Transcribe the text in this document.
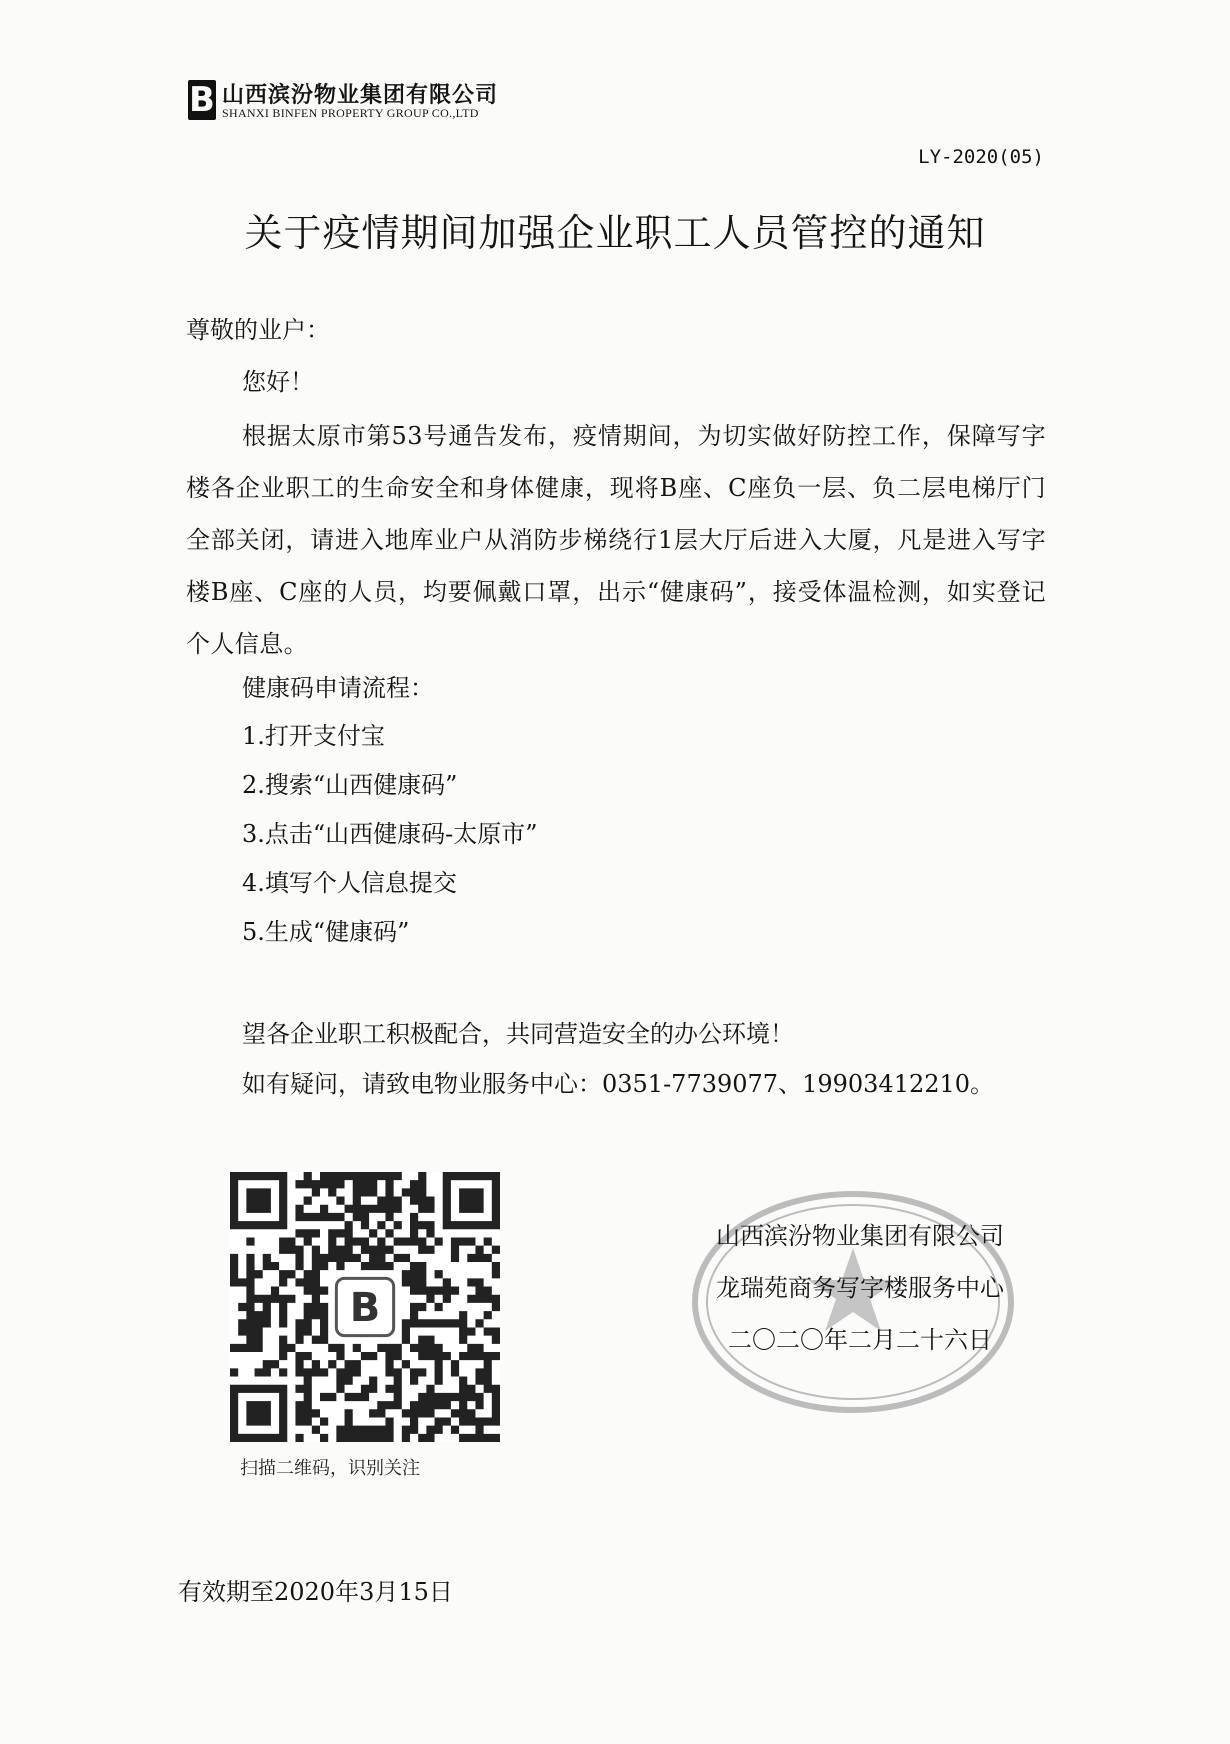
B 山西滨汾物业集团有限公司
SHANXI BINFEN PROPERTY GROUP CO.,LTD
LY-2020(05)
关于疫情期间加强企业职工人员管控的通知
尊敬的业户：
您好！
根据太原市第53号通告发布，疫情期间，为切实做好防控工作，保障写字楼各企业职工的生命安全和身体健康，现将B座、C座负一层、负二层电梯厅门全部关闭，请进入地库业户从消防步梯绕行1层大厅后进入大厦，凡是进入写字楼B座、C座的人员，均要佩戴口罩，出示“健康码”，接受体温检测，如实登记个人信息。
健康码申请流程：
1.打开支付宝
2.搜索“山西健康码”
3.点击“山西健康码-太原市”
4.填写个人信息提交
5.生成“健康码”
望各企业职工积极配合，共同营造安全的办公环境！
如有疑问，请致电物业服务中心：0351-7739077、19903412210。
B
扫描二维码，识别关注
山西滨汾物业集团有限公司
龙瑞苑商务写字楼服务中心
二〇二〇年二月二十六日
有效期至2020年3月15日
